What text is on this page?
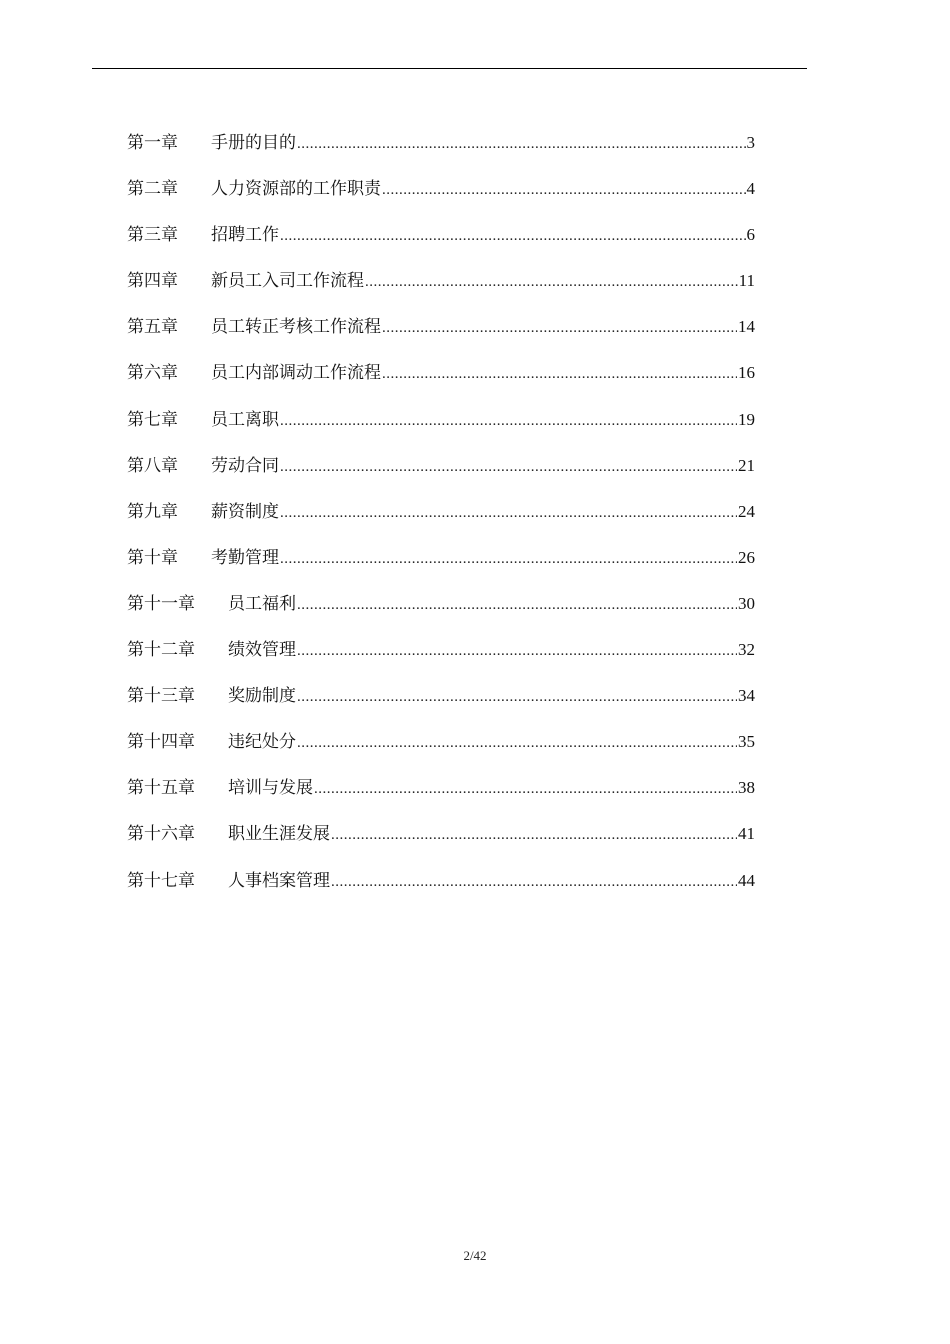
第一章	手册的目的 .....	3
第二章	人力资源部的工作职责 .....	4
第三章	招聘工作 .....	6
第四章	新员工入司工作流程 .....	11
第五章	员工转正考核工作流程 .....	14
第六章	员工内部调动工作流程 .....	16
第七章	员工离职 .....	19
第八章	劳动合同 .....	21
第九章	薪资制度 .....	24
第十章	考勤管理 .....	26
第十一章	员工福利 .....	30
第十二章	绩效管理 .....	32
第十三章	奖励制度 .....	34
第十四章	违纪处分 .....	35
第十五章	培训与发展 .....	38
第十六章	职业生涯发展 .....	41
第十七章	人事档案管理 .....	44
2/42
